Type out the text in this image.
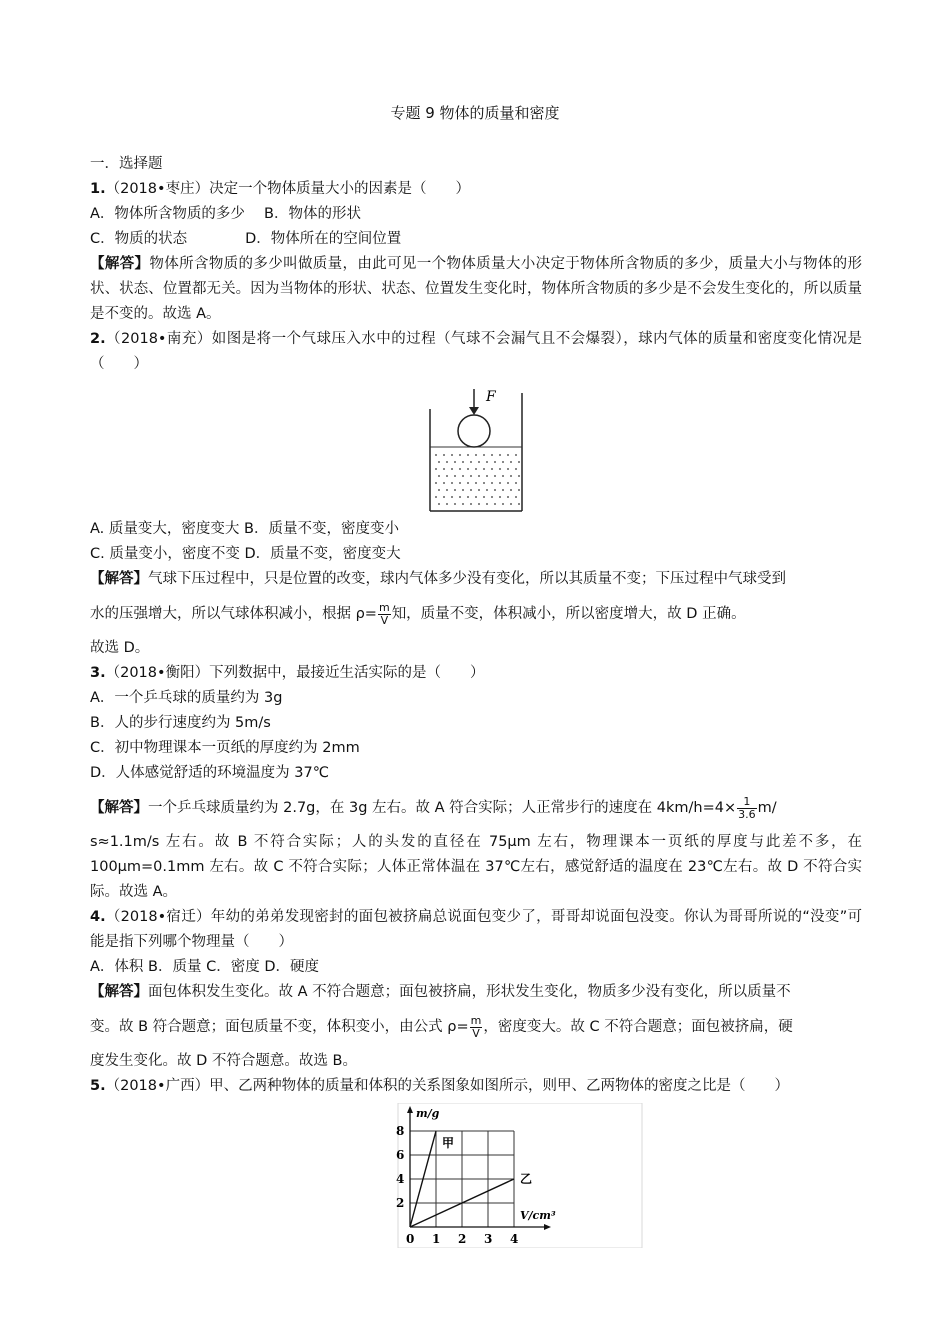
专题 9 物体的质量和密度
一．选择题
1.（2018•枣庄）决定一个物体质量大小的因素是（　　）
A．物体所含物质的多少　 B．物体的形状
C．物质的状态　　　　D．物体所在的空间位置
【解答】物体所含物质的多少叫做质量，由此可见一个物体质量大小决定于物体所含物质的多少，质量大小与物体的形状、状态、位置都无关。因为当物体的形状、状态、位置发生变化时，物体所含物质的多少是不会发生变化的，所以质量是不变的。故选 A。
2.（2018•南充）如图是将一个气球压入水中的过程（气球不会漏气且不会爆裂），球内气体的质量和密度变化情况是（　　）
F
A. 质量变大，密度变大 B．质量不变，密度变小
C. 质量变小，密度不变 D．质量不变，密度变大
【解答】气球下压过程中，只是位置的改变，球内气体多少没有变化，所以其质量不变；下压过程中气球受到
水的压强增大，所以气球体积减小，根据 $\rho= \frac{m}{V}$ 知，质量不变，体积减小，所以密度增大，故 D 正确。
故选 D。
3.（2018•衡阳）下列数据中，最接近生活实际的是（　　）
A．一个乒乓球的质量约为 3g
B．人的步行速度约为 5m/s
C．初中物理课本一页纸的厚度约为 2mm
D．人体感觉舒适的环境温度为 37℃
【解答】一个乒乓球质量约为 2.7g，在 3g 左右。故 A 符合实际；人正常步行的速度在 $4km/h=4\times \frac{1}{3.6} m/$
s≈1.1m/s 左右。故 B 不符合实际；人的头发的直径在 75μm 左右，物理课本一页纸的厚度与此差不多，在 100μm=0.1mm 左右。故 C 不符合实际；人体正常体温在 37℃左右，感觉舒适的温度在 23℃左右。故 D 不符合实际。故选 A。
4.（2018•宿迁）年幼的弟弟发现密封的面包被挤扁总说面包变少了，哥哥却说面包没变。你认为哥哥所说的“没变”可能是指下列哪个物理量（　　）
A．体积 B．质量 C．密度 D．硬度
【解答】面包体积发生变化。故 A 不符合题意；面包被挤扁，形状发生变化，物质多少没有变化，所以质量不
变。故 B 符合题意；面包质量不变，体积变小，由公式 $\rho= \frac{m}{V}$ ，密度变大。故 C 不符合题意；面包被挤扁，硬
度发生变化。故 D 不符合题意。故选 B。
5.（2018•广西）甲、乙两种物体的质量和体积的关系图象如图所示，则甲、乙两物体的密度之比是（　　）
0 1 2 3 4
2
4
6
8
m/g
V/cm³
甲
乙
